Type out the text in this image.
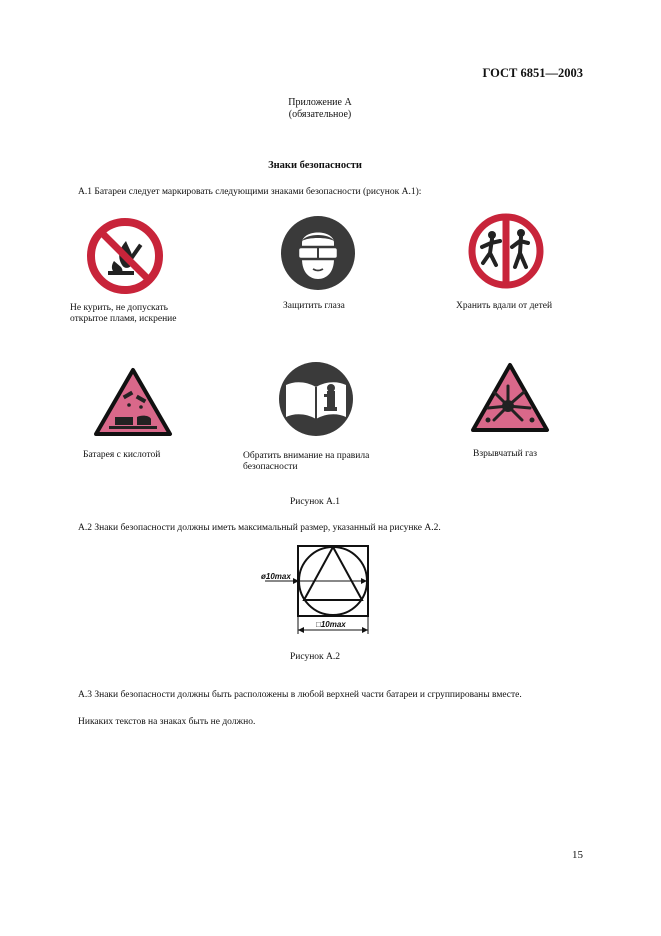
ГОСТ 6851—2003
Приложение А
(обязательное)
Знаки безопасности
А.1 Батареи следует маркировать следующими знаками безопасности (рисунок А.1):
Не курить, не допускать
открытое пламя, искрение
Защитить глаза	Хранить вдали от детей
Батарея с кислотой	Обратить внимание на правила
безопасности
Взрывчатый газ
Рисунок А.1
А.2 Знаки безопасности должны иметь максимальный размер, указанный на рисунке А.2.
ø10max
□10max
Рисунок А.2
А.3 Знаки безопасности должны быть расположены в любой верхней части батареи и сгруппированы вместе.
Никаких текстов на знаках быть не должно.
15
